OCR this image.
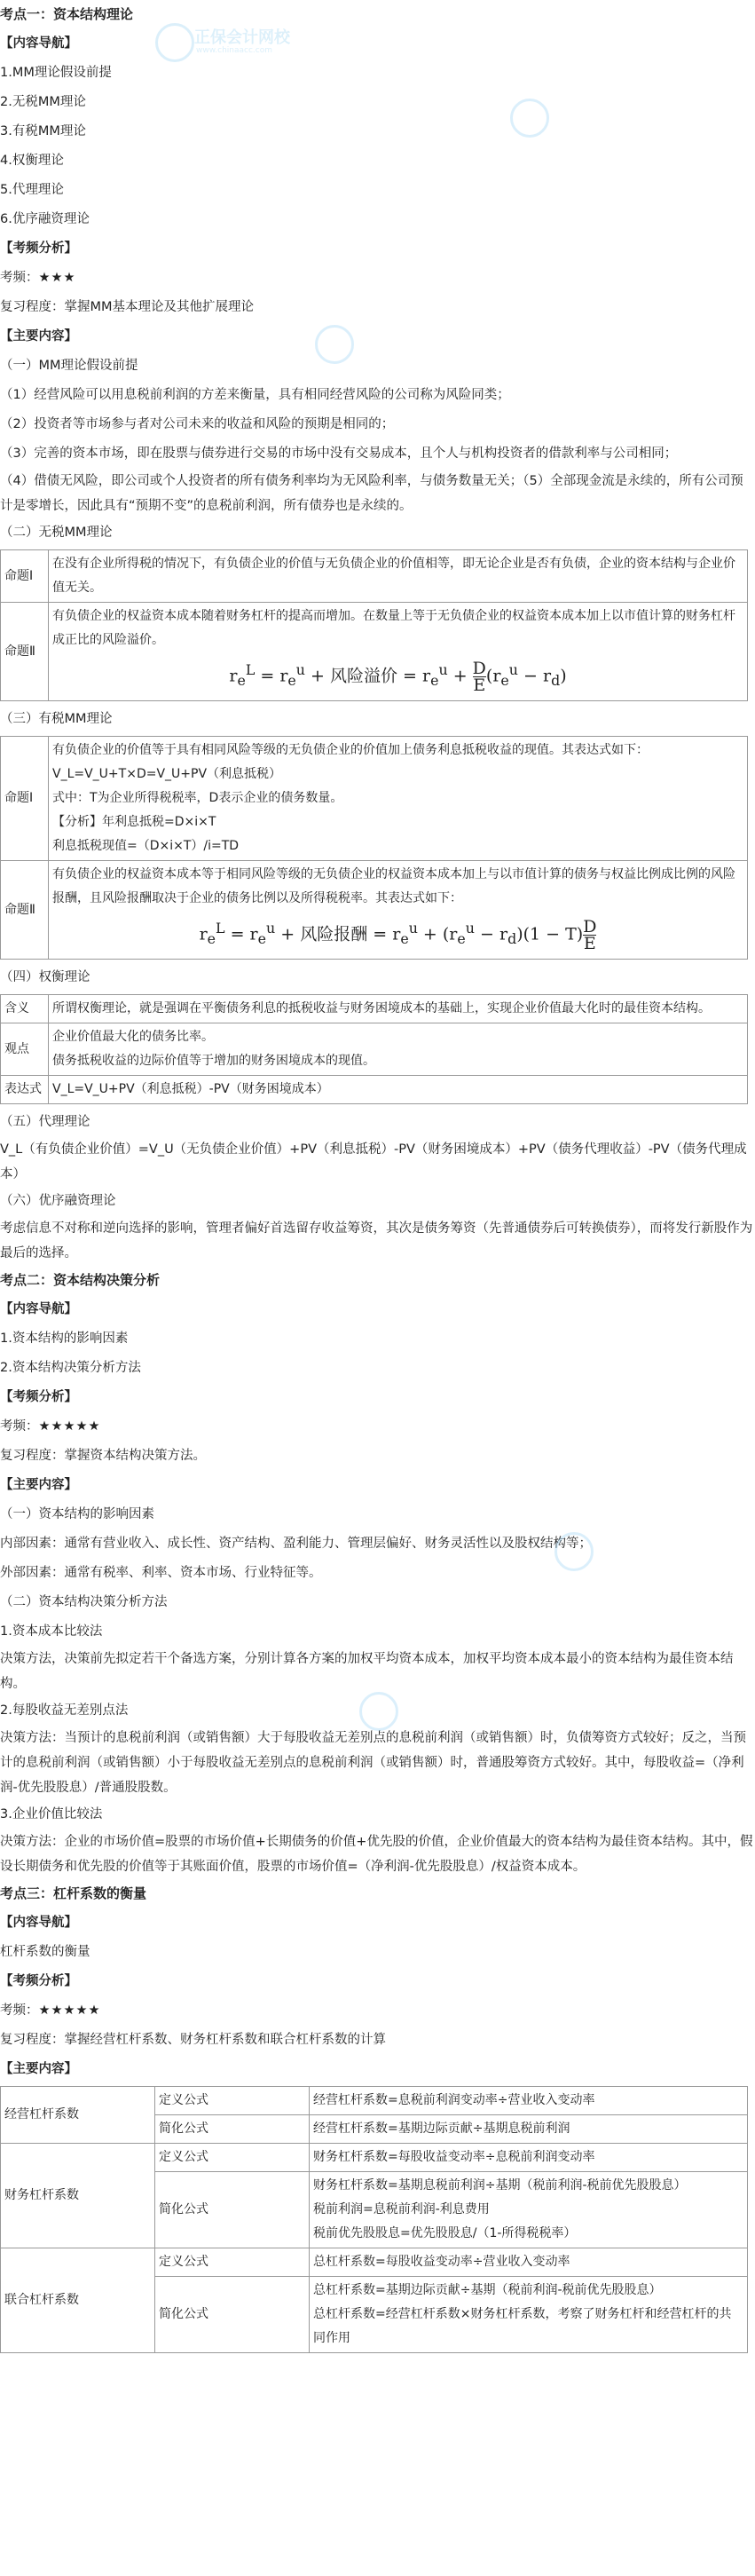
正保会计网校
www.chinaacc.com
考点一：资本结构理论
【内容导航】
1.MM理论假设前提
2.无税MM理论
3.有税MM理论
4.权衡理论
5.代理理论
6.优序融资理论
【考频分析】
考频：★★★
复习程度：掌握MM基本理论及其他扩展理论
【主要内容】
（一）MM理论假设前提
（1）经营风险可以用息税前利润的方差来衡量，具有相同经营风险的公司称为风险同类；
（2）投资者等市场参与者对公司未来的收益和风险的预期是相同的；
（3）完善的资本市场，即在股票与债券进行交易的市场中没有交易成本，且个人与机构投资者的借款利率与公司相同；
（4）借债无风险，即公司或个人投资者的所有债务利率均为无风险利率，与债务数量无关；（5）全部现金流是永续的，所有公司预计是零增长，因此具有“预期不变”的息税前利润，所有债券也是永续的。
（二）无税MM理论
命题Ⅰ	在没有企业所得税的情况下，有负债企业的价值与无负债企业的价值相等，即无论企业是否有负债，企业的资本结构与企业价值无关。
命题Ⅱ	有负债企业的权益资本成本随着财务杠杆的提高而增加。在数量上等于无负债企业的权益资本成本加上以市值计算的财务杠杆成正比的风险溢价。
$r_e^L = r_e^u$ + 风险溢价 = $r_e^u + \frac{D}{E} (r_e^u - r_d)$
（三）有税MM理论
命题Ⅰ	有负债企业的价值等于具有相同风险等级的无负债企业的价值加上债务利息抵税收益的现值。其表达式如下：
V_L=V_U+T×D=V_U+PV（利息抵税）
式中：T为企业所得税税率，D表示企业的债务数量。
【分析】年利息抵税=D×i×T
利息抵税现值=（D×i×T）/i=TD

命题Ⅱ	有负债企业的权益资本成本等于相同风险等级的无负债企业的权益资本成本加上与以市值计算的债务与权益比例成比例的风险报酬，且风险报酬取决于企业的债务比例以及所得税税率。其表达式如下：
$r_e^L = r_e^u$ + 风险报酬 = $r_e^u + (r_e^u - r_d)(1 - T) \frac{D}{E}$
（四）权衡理论
含义	所谓权衡理论，就是强调在平衡债务利息的抵税收益与财务困境成本的基础上，实现企业价值最大化时的最佳资本结构。
观点	企业价值最大化的债务比率。
债务抵税收益的边际价值等于增加的财务困境成本的现值。

表达式	V_L=V_U+PV（利息抵税）-PV（财务困境成本）
（五）代理理论
V_L（有负债企业价值）=V_U（无负债企业价值）+PV（利息抵税）-PV（财务困境成本）+PV（债务代理收益）-PV（债务代理成本）
（六）优序融资理论
考虑信息不对称和逆向选择的影响，管理者偏好首选留存收益筹资，其次是债务筹资（先普通债券后可转换债券），而将发行新股作为最后的选择。
考点二：资本结构决策分析
【内容导航】
1.资本结构的影响因素
2.资本结构决策分析方法
【考频分析】
考频：★★★★★
复习程度：掌握资本结构决策方法。
【主要内容】
（一）资本结构的影响因素
内部因素：通常有营业收入、成长性、资产结构、盈利能力、管理层偏好、财务灵活性以及股权结构等；
外部因素：通常有税率、利率、资本市场、行业特征等。
（二）资本结构决策分析方法
1.资本成本比较法
决策方法，决策前先拟定若干个备选方案，分别计算各方案的加权平均资本成本，加权平均资本成本最小的资本结构为最佳资本结构。
2.每股收益无差别点法
决策方法：当预计的息税前利润（或销售额）大于每股收益无差别点的息税前利润（或销售额）时，负债筹资方式较好；反之，当预计的息税前利润（或销售额）小于每股收益无差别点的息税前利润（或销售额）时，普通股筹资方式较好。其中，每股收益=（净利润-优先股股息）/普通股股数。
3.企业价值比较法
决策方法：企业的市场价值=股票的市场价值+长期债务的价值+优先股的价值，企业价值最大的资本结构为最佳资本结构。其中，假设长期债务和优先股的价值等于其账面价值，股票的市场价值=（净利润-优先股股息）/权益资本成本。
考点三：杠杆系数的衡量
【内容导航】
杠杆系数的衡量
【考频分析】
考频：★★★★★
复习程度：掌握经营杠杆系数、财务杠杆系数和联合杠杆系数的计算
【主要内容】
经营杠杆系数	定义公式	经营杠杆系数=息税前利润变动率÷营业收入变动率
	简化公式	经营杠杆系数=基期边际贡献÷基期息税前利润
财务杠杆系数	定义公式	财务杠杆系数=每股收益变动率÷息税前利润变动率
	简化公式	财务杠杆系数=基期息税前利润÷基期（税前利润-税前优先股股息）
税前利润=息税前利润-利息费用
税前优先股股息=优先股股息/（1-所得税税率）

联合杠杆系数	定义公式	总杠杆系数=每股收益变动率÷营业收入变动率
	简化公式	总杠杆系数=基期边际贡献÷基期（税前利润-税前优先股股息）
总杠杆系数=经营杠杆系数×财务杠杆系数，考察了财务杠杆和经营杠杆的共同作用
